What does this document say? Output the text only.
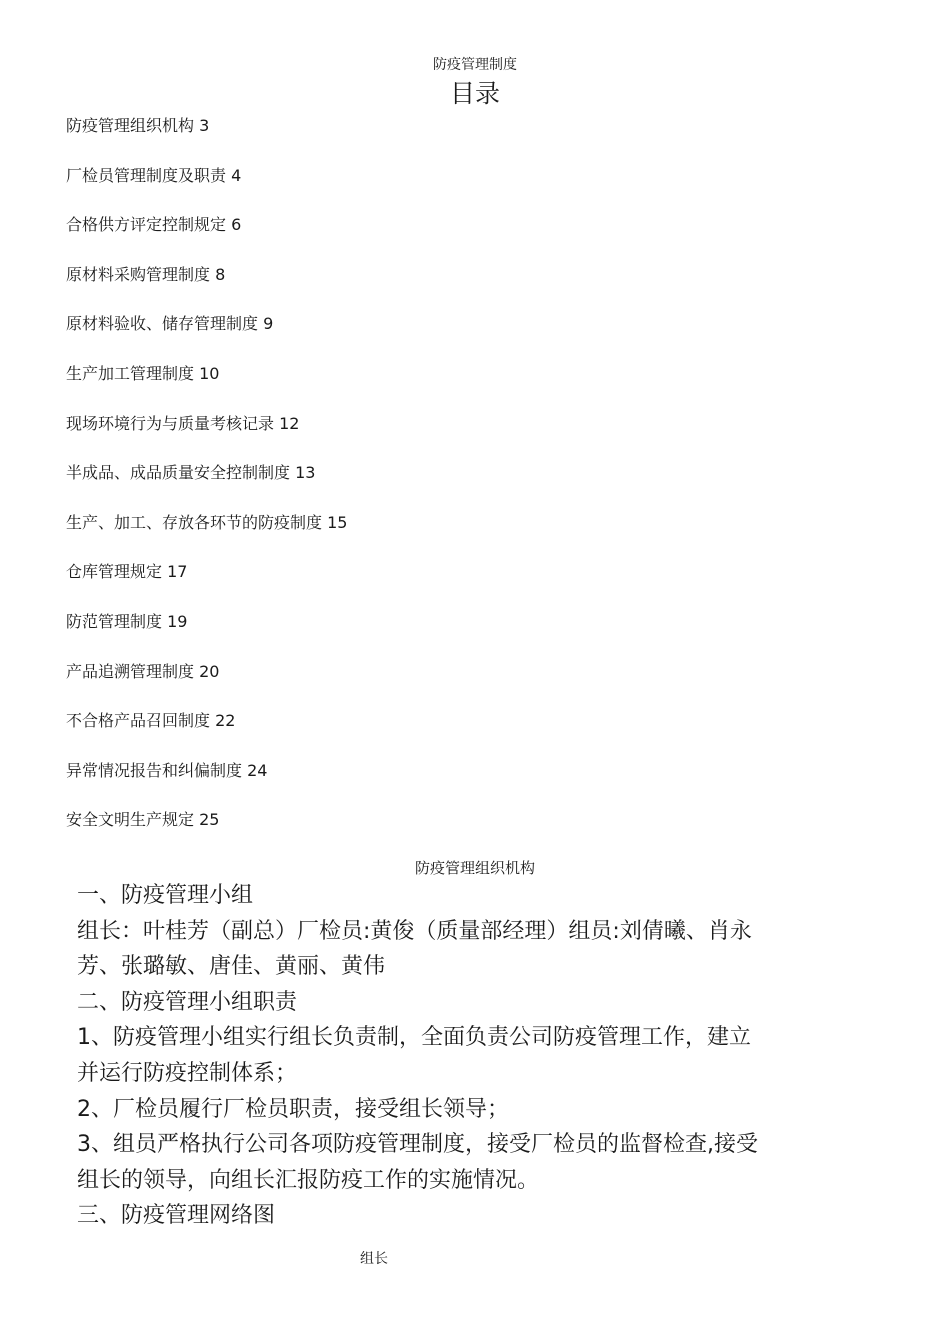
防疫管理制度
目录
防疫管理组织机构 3
厂检员管理制度及职责 4
合格供方评定控制规定 6
原材料采购管理制度 8
原材料验收、储存管理制度 9
生产加工管理制度 10
现场环境行为与质量考核记录 12
半成品、成品质量安全控制制度 13
生产、加工、存放各环节的防疫制度 15
仓库管理规定 17
防范管理制度 19
产品追溯管理制度 20
不合格产品召回制度 22
异常情况报告和纠偏制度 24
安全文明生产规定 25
防疫管理组织机构

一、防疫管理小组

组长：叶桂芳（副总）厂检员:黄俊（质量部经理）组员:刘倩曦、肖永

芳、张璐敏、唐佳、黄丽、黄伟

二、防疫管理小组职责

1、防疫管理小组实行组长负责制，全面负责公司防疫管理工作，建立

并运行防疫控制体系；

2、厂检员履行厂检员职责，接受组长领导；

3、组员严格执行公司各项防疫管理制度，接受厂检员的监督检查,接受

组长的领导，向组长汇报防疫工作的实施情况。

三、防疫管理网络图

组长
